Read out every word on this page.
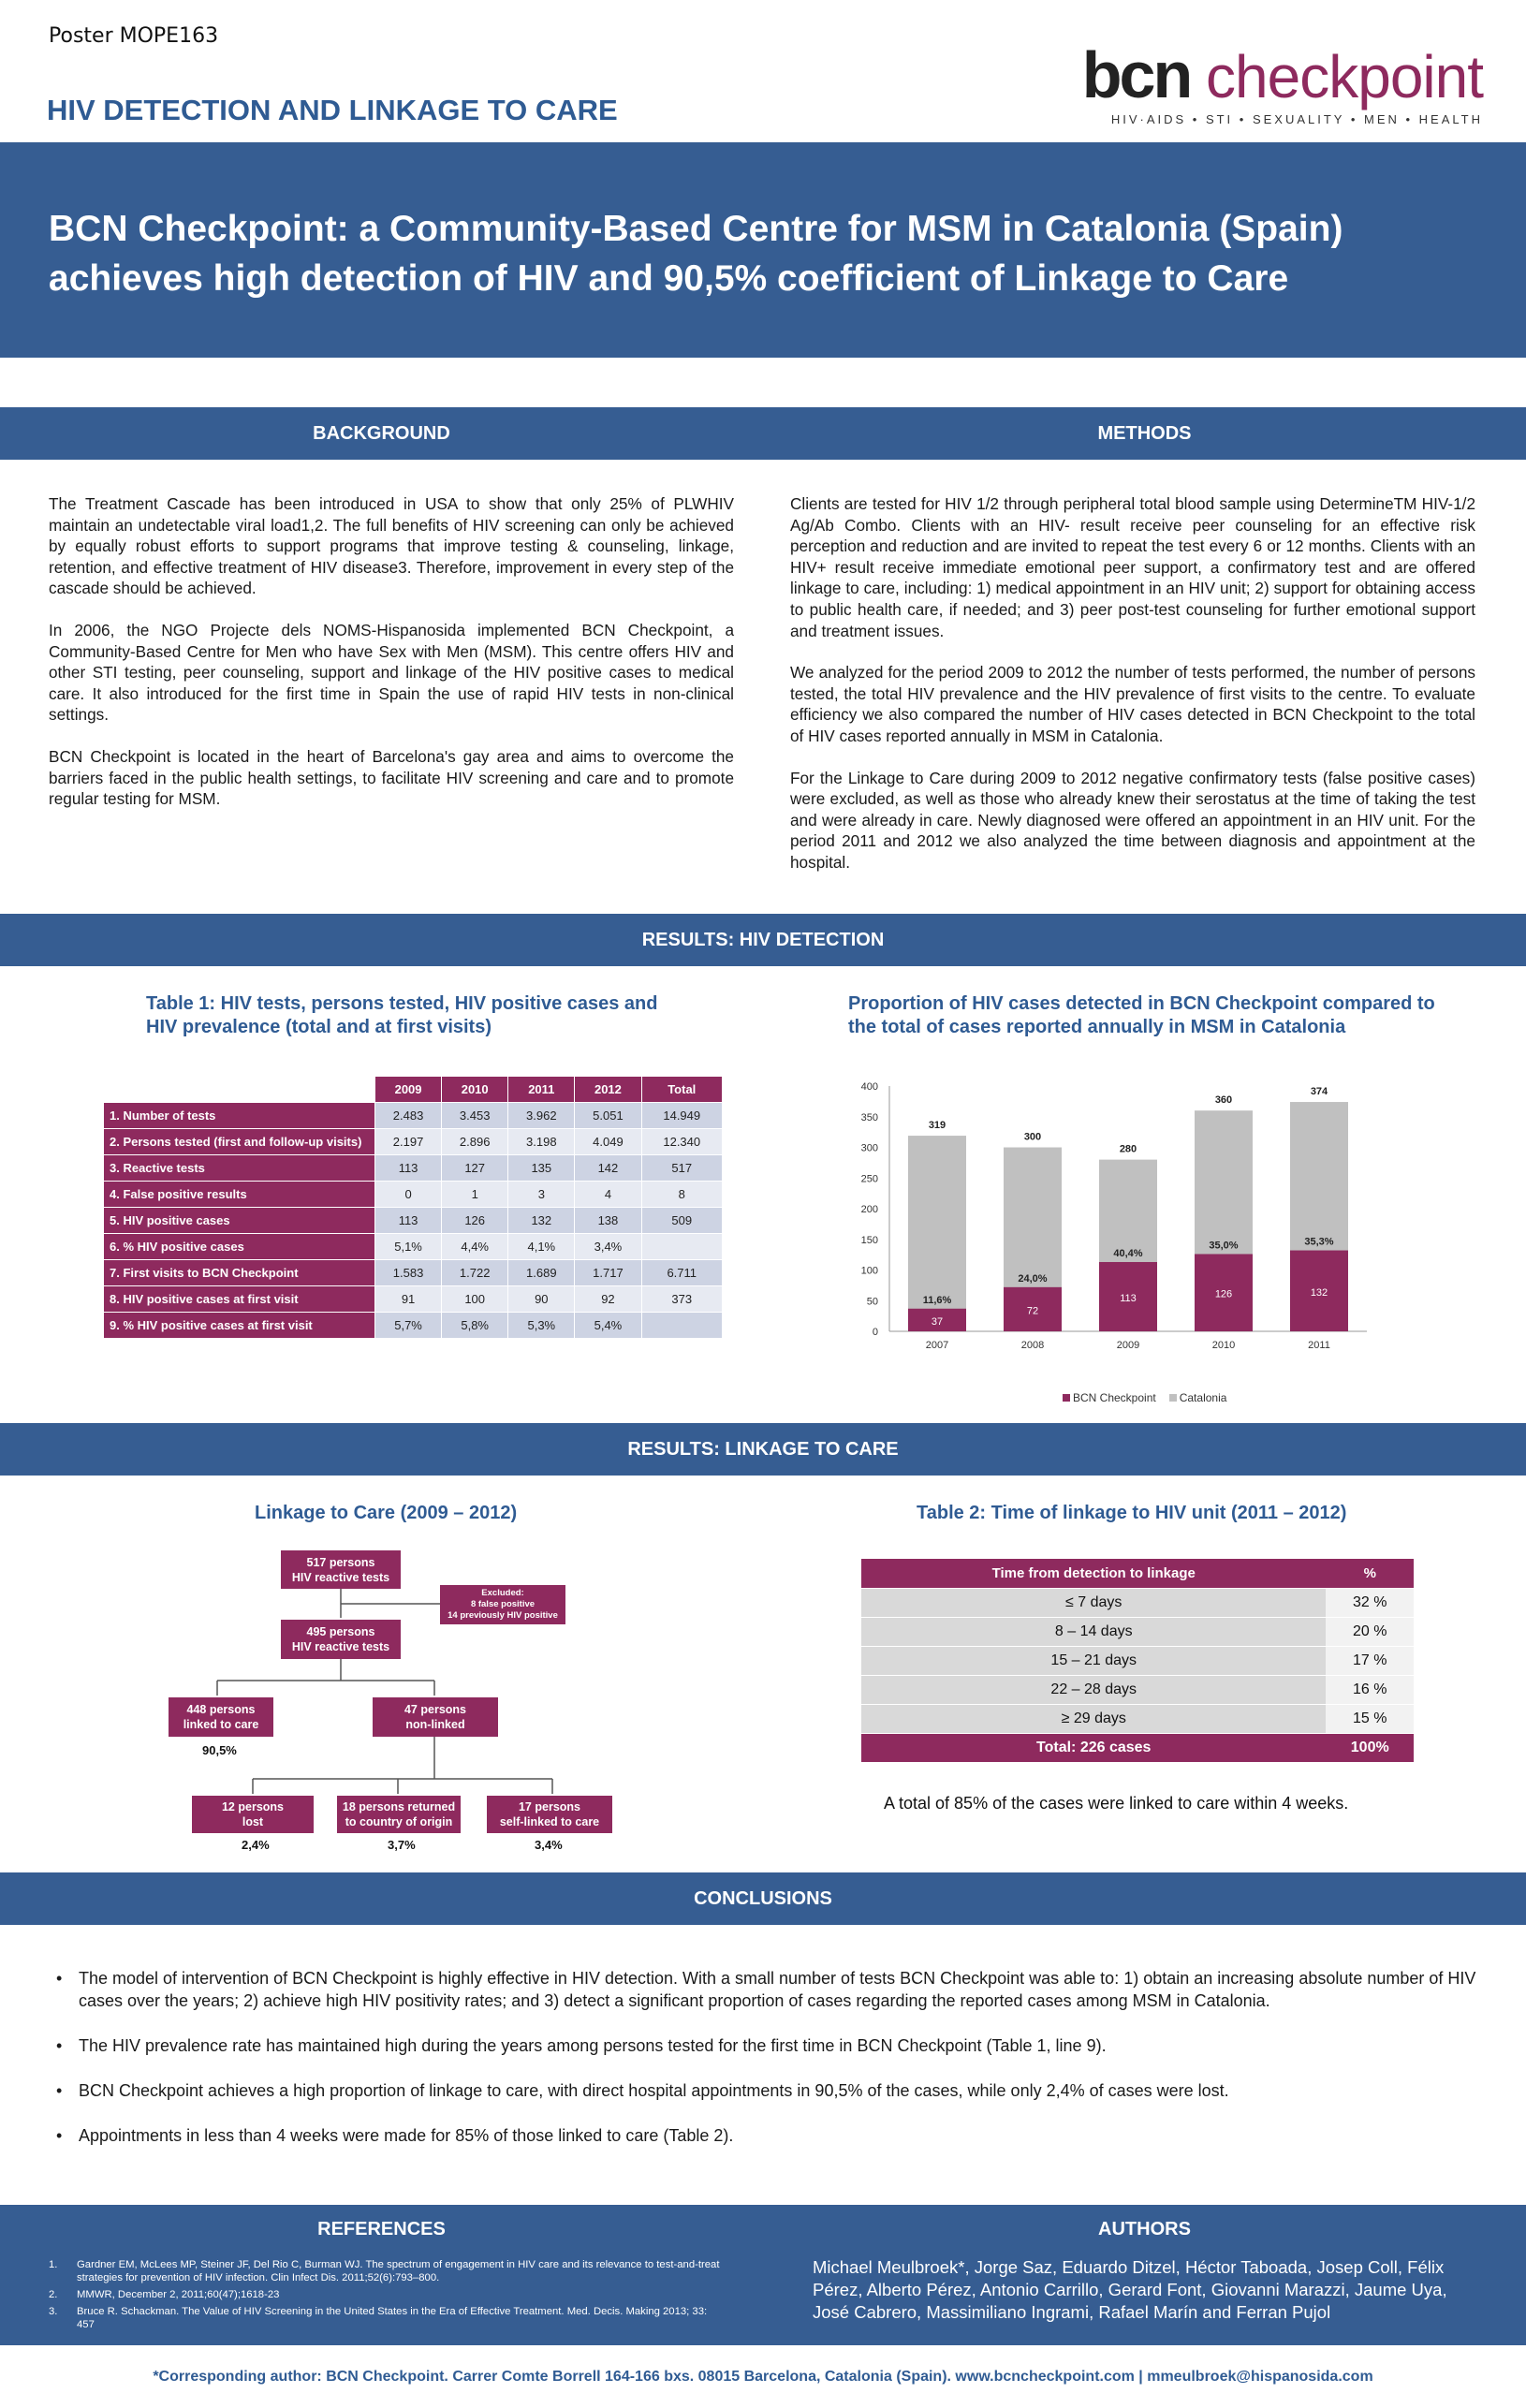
Poster MOPE163
HIV DETECTION AND LINKAGE TO CARE	bcn checkpoint
HIV·AIDS • STI • SEXUALITY • MEN • HEALTH
BCN Checkpoint: a Community-Based Centre for MSM in Catalonia (Spain) achieves high detection of HIV and 90,5% coefficient of Linkage to Care
BACKGROUND	METHODS

The Treatment Cascade has been introduced in USA to show that only 25% of PLWHIV maintain an undetectable viral load1,2. The full benefits of HIV screening can only be achieved by equally robust efforts to support programs that improve testing & counseling, linkage, retention, and effective treatment of HIV disease3. Therefore, improvement in every step of the cascade should be achieved.

In 2006, the NGO Projecte dels NOMS-Hispanosida implemented BCN Checkpoint, a Community-Based Centre for Men who have Sex with Men (MSM). This centre offers HIV and other STI testing, peer counseling, support and linkage of the HIV positive cases to medical care. It also introduced for the first time in Spain the use of rapid HIV tests in non-clinical settings.

BCN Checkpoint is located in the heart of Barcelona's gay area and aims to overcome the barriers faced in the public health settings, to facilitate HIV screening and care and to promote regular testing for MSM.

Clients are tested for HIV 1/2 through peripheral total blood sample using DetermineTM HIV-1/2 Ag/Ab Combo. Clients with an HIV- result receive peer counseling for an effective risk perception and reduction and are invited to repeat the test every 6 or 12 months. Clients with an HIV+ result receive immediate emotional peer support, a confirmatory test and are offered linkage to care, including: 1) medical appointment in an HIV unit; 2) support for obtaining access to public health care, if needed; and 3) peer post-test counseling for further emotional support and treatment issues.

We analyzed for the period 2009 to 2012 the number of tests performed, the number of persons tested, the total HIV prevalence and the HIV prevalence of first visits to the centre. To evaluate efficiency we also compared the number of HIV cases detected in BCN Checkpoint to the total of HIV cases reported annually in MSM in Catalonia.

For the Linkage to Care during 2009 to 2012 negative confirmatory tests (false positive cases) were excluded, as well as those who already knew their serostatus at the time of taking the test and were already in care. Newly diagnosed were offered an appointment in an HIV unit. For the period 2011 and 2012 we also analyzed the time between diagnosis and appointment at the hospital.

RESULTS: HIV DETECTION
Table 1: HIV tests, persons tested, HIV positive cases and HIV prevalence (total and at first visits)
Proportion of HIV cases detected in BCN Checkpoint compared to the total of cases reported annually in MSM in Catalonia
	2009	2010	2011	2012	Total
1. Number of tests	2.483	3.453	3.962	5.051	14.949
2. Persons tested (first and follow-up visits)	2.197	2.896	3.198	4.049	12.340
3. Reactive tests	113	127	135	142	517
4. False positive results	0	1	3	4	8
5. HIV positive cases	113	126	132	138	509
6. % HIV positive cases	5,1%	4,4%	4,1%	3,4%	
7. First visits to BCN Checkpoint	1.583	1.722	1.689	1.717	6.711
8. HIV positive cases at first visit	91	100	90	92	373
9. % HIV positive cases at first visit	5,7%	5,8%	5,3%	5,4%		0
50
100
150
200
250
300
350
400
2007	2008	2009	2010	2011
319
37
11,6%
300
72
24,0%
280
113
40,4%
360
126
35,0%
374
132
35,3%
BCN Checkpoint	Catalonia
RESULTS: LINKAGE TO CARE
Linkage to Care (2009 – 2012)	Table 2: Time of linkage to HIV unit (2011 – 2012)
517 persons
HIV reactive tests
Excluded:
8 false positive
14 previously HIV positive
495 persons
HIV reactive tests
448 persons
linked to care
47 persons
non-linked
12 persons
lost
18 persons returned
to country of origin
17 persons
self-linked to care
90,5%
2,4%	3,7%	3,4%
Time from detection to linkage	%
≤ 7 days	32 %
8 – 14 days	20 %
15 – 21 days	17 %
22 – 28 days	16 %
≥ 29 days	15 %
Total: 226 cases	100%
A total of 85% of the cases were linked to care within 4 weeks.
CONCLUSIONS
• The model of intervention of BCN Checkpoint is highly effective in HIV detection. With a small number of tests BCN Checkpoint was able to: 1) obtain an increasing absolute number of HIV cases over the years; 2) achieve high HIV positivity rates; and 3) detect a significant proportion of cases regarding the reported cases among MSM in Catalonia.
• The HIV prevalence rate has maintained high during the years among persons tested for the first time in BCN Checkpoint (Table 1, line 9).
• BCN Checkpoint achieves a high proportion of linkage to care, with direct hospital appointments in 90,5% of the cases, while only 2,4% of cases were lost.
• Appointments in less than 4 weeks were made for 85% of those linked to care (Table 2).
REFERENCES	AUTHORS
1. Gardner EM, McLees MP, Steiner JF, Del Rio C, Burman WJ. The spectrum of engagement in HIV care and its relevance to test-and-treat strategies for prevention of HIV infection. Clin Infect Dis. 2011;52(6):793–800.
2. MMWR, December 2, 2011;60(47);1618-23
3. Bruce R. Schackman. The Value of HIV Screening in the United States in the Era of Effective Treatment. Med. Decis. Making 2013; 33: 457
Michael Meulbroek*, Jorge Saz, Eduardo Ditzel, Héctor Taboada, Josep Coll, Félix Pérez, Alberto Pérez, Antonio Carrillo, Gerard Font, Giovanni Marazzi, Jaume Uya, José Cabrero, Massimiliano Ingrami, Rafael Marín and Ferran Pujol
*Corresponding author: BCN Checkpoint. Carrer Comte Borrell 164-166 bxs. 08015 Barcelona, Catalonia (Spain). www.bcncheckpoint.com | mmeulbroek@hispanosida.com
